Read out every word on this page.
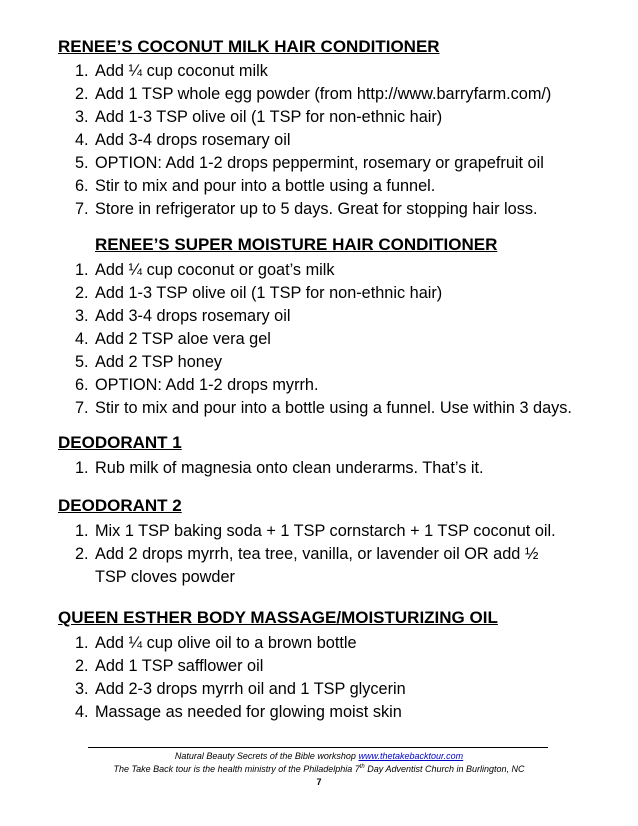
RENEE’S COCONUT MILK HAIR CONDITIONER
1. Add ¼ cup coconut milk
2. Add 1 TSP whole egg powder (from http://www.barryfarm.com/)
3. Add 1-3 TSP olive oil (1 TSP for non-ethnic hair)
4. Add 3-4 drops rosemary oil
5. OPTION: Add 1-2 drops peppermint, rosemary or grapefruit oil
6. Stir to mix and pour into a bottle using a funnel.
7. Store in refrigerator up to 5 days. Great for stopping hair loss.
RENEE’S SUPER MOISTURE HAIR CONDITIONER
1. Add ¼ cup coconut or goat’s milk
2. Add 1-3 TSP olive oil (1 TSP for non-ethnic hair)
3. Add 3-4 drops rosemary oil
4. Add 2 TSP aloe vera gel
5. Add 2 TSP honey
6. OPTION: Add 1-2 drops myrrh.
7. Stir to mix and pour into a bottle using a funnel. Use within 3 days.
DEODORANT 1
1. Rub milk of magnesia onto clean underarms. That’s it.
DEODORANT 2
1. Mix 1 TSP baking soda + 1 TSP cornstarch + 1 TSP coconut oil.
2. Add 2 drops myrrh, tea tree, vanilla, or lavender oil OR add ½
TSP cloves powder
QUEEN ESTHER BODY MASSAGE/MOISTURIZING OIL
1. Add ¼ cup olive oil to a brown bottle
2. Add 1 TSP safflower oil
3. Add 2-3 drops myrrh oil and 1 TSP glycerin
4. Massage as needed for glowing moist skin
Natural Beauty Secrets of the Bible workshop www.thetakebacktour.com
The Take Back tour is the health ministry of the Philadelphia 7th Day Adventist Church in Burlington, NC
7
